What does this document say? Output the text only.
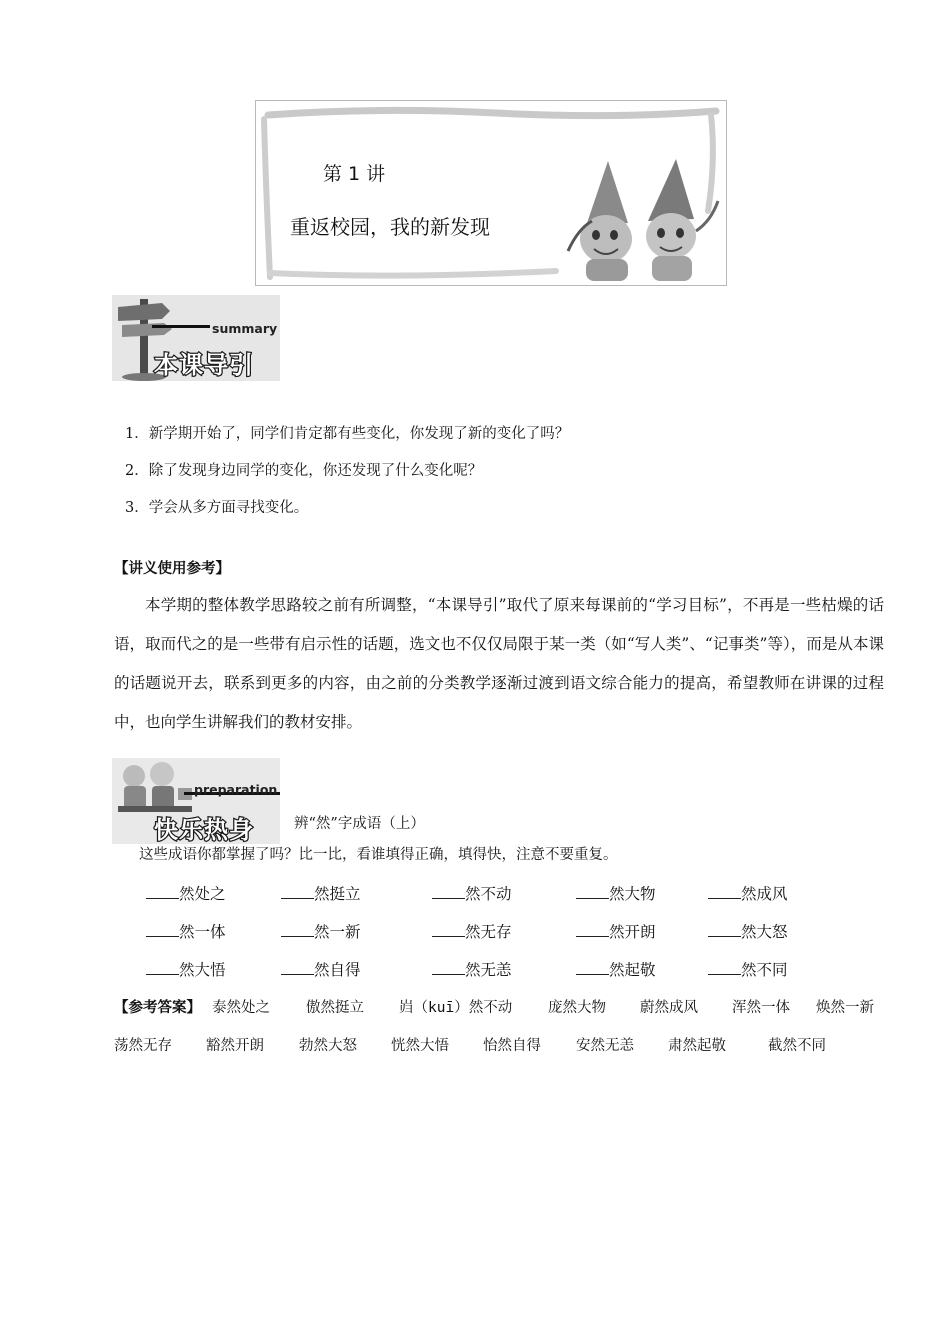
第 1 讲
重返校园，我的新发现
summary
本课导引
1．新学期开始了，同学们肯定都有些变化，你发现了新的变化了吗？
2．除了发现身边同学的变化，你还发现了什么变化呢？
3．学会从多方面寻找变化。
【讲义使用参考】
本学期的整体教学思路较之前有所调整，“本课导引”取代了原来每课前的“学习目标”，不再是一些枯燥的话语，取而代之的是一些带有启示性的话题，选文也不仅仅局限于某一类（如“写人类”、“记事类”等），而是从本课的话题说开去，联系到更多的内容，由之前的分类教学逐渐过渡到语文综合能力的提高，希望教师在讲课的过程中，也向学生讲解我们的教材安排。
preparation
快乐热身	辨“然”字成语（上）
这些成语你都掌握了吗？比一比，看谁填得正确，填得快，注意不要重复。
然处之	然挺立	然不动	然大物	然成风
然一体	然一新	然无存	然开朗	然大怒
然大悟	然自得	然无恙	然起敬	然不同
【参考答案】 泰然处之 傲然挺立 岿（kuī）然不动 庞然大物 蔚然成风 浑然一体 焕然一新
荡然无存 豁然开朗 勃然大怒 恍然大悟 怡然自得 安然无恙 肃然起敬	截然不同
